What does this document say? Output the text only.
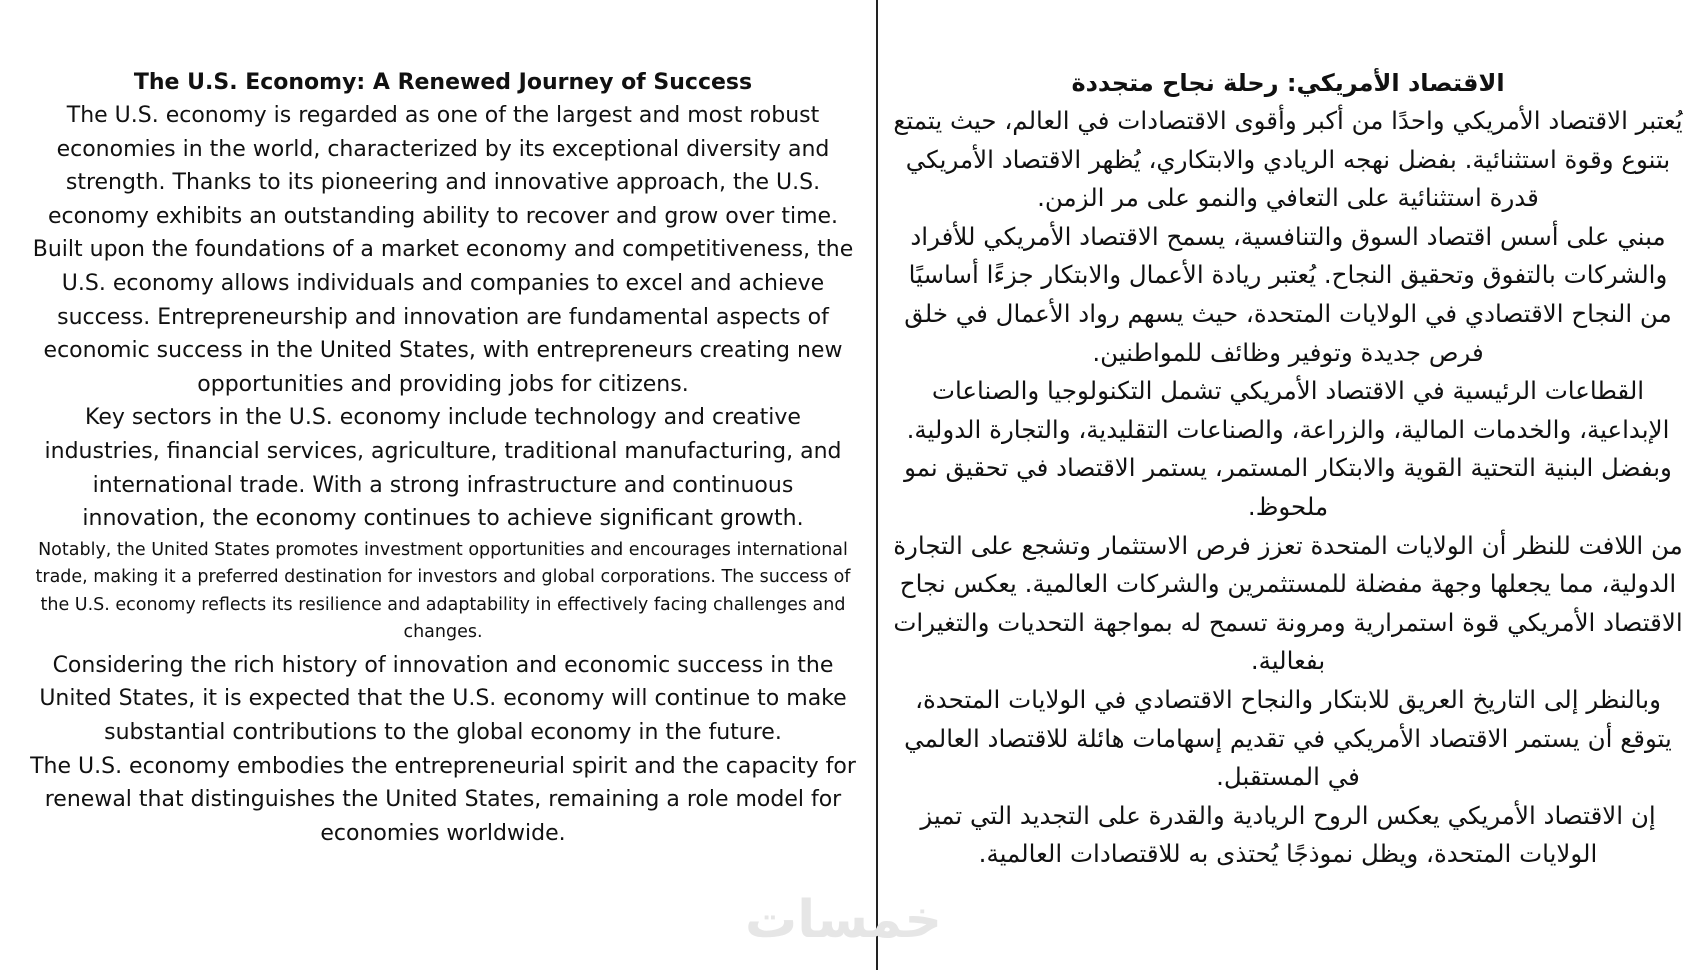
The U.S. Economy: A Renewed Journey of Success

The U.S. economy is regarded as one of the largest and most robust economies in the world, characterized by its exceptional diversity and strength. Thanks to its pioneering and innovative approach, the U.S. economy exhibits an outstanding ability to recover and grow over time.

Built upon the foundations of a market economy and competitiveness, the U.S. economy allows individuals and companies to excel and achieve success. Entrepreneurship and innovation are fundamental aspects of economic success in the United States, with entrepreneurs creating new opportunities and providing jobs for citizens.

Key sectors in the U.S. economy include technology and creative industries, financial services, agriculture, traditional manufacturing, and international trade. With a strong infrastructure and continuous innovation, the economy continues to achieve significant growth.

Notably, the United States promotes investment opportunities and encourages international trade, making it a preferred destination for investors and global corporations. The success of the U.S. economy reflects its resilience and adaptability in effectively facing challenges and changes.

Considering the rich history of innovation and economic success in the United States, it is expected that the U.S. economy will continue to make substantial contributions to the global economy in the future.

The U.S. economy embodies the entrepreneurial spirit and the capacity for renewal that distinguishes the United States, remaining a role model for economies worldwide.

الاقتصاد الأمريكي: رحلة نجاح متجددة

يُعتبر الاقتصاد الأمريكي واحدًا من أكبر وأقوى الاقتصادات في العالم، حيث يتمتع بتنوع وقوة استثنائية. بفضل نهجه الريادي والابتكاري، يُظهر الاقتصاد الأمريكي قدرة استثنائية على التعافي والنمو على مر الزمن.

مبني على أسس اقتصاد السوق والتنافسية، يسمح الاقتصاد الأمريكي للأفراد والشركات بالتفوق وتحقيق النجاح. يُعتبر ريادة الأعمال والابتكار جزءًا أساسيًا من النجاح الاقتصادي في الولايات المتحدة، حيث يسهم رواد الأعمال في خلق فرص جديدة وتوفير وظائف للمواطنين.

القطاعات الرئيسية في الاقتصاد الأمريكي تشمل التكنولوجيا والصناعات الإبداعية، والخدمات المالية، والزراعة، والصناعات التقليدية، والتجارة الدولية. وبفضل البنية التحتية القوية والابتكار المستمر، يستمر الاقتصاد في تحقيق نمو ملحوظ.

من اللافت للنظر أن الولايات المتحدة تعزز فرص الاستثمار وتشجع على التجارة الدولية، مما يجعلها وجهة مفضلة للمستثمرين والشركات العالمية. يعكس نجاح الاقتصاد الأمريكي قوة استمرارية ومرونة تسمح له بمواجهة التحديات والتغيرات بفعالية.

وبالنظر إلى التاريخ العريق للابتكار والنجاح الاقتصادي في الولايات المتحدة، يتوقع أن يستمر الاقتصاد الأمريكي في تقديم إسهامات هائلة للاقتصاد العالمي في المستقبل.

إن الاقتصاد الأمريكي يعكس الروح الريادية والقدرة على التجديد التي تميز الولايات المتحدة، ويظل نموذجًا يُحتذى به للاقتصادات العالمية.

خمسات
